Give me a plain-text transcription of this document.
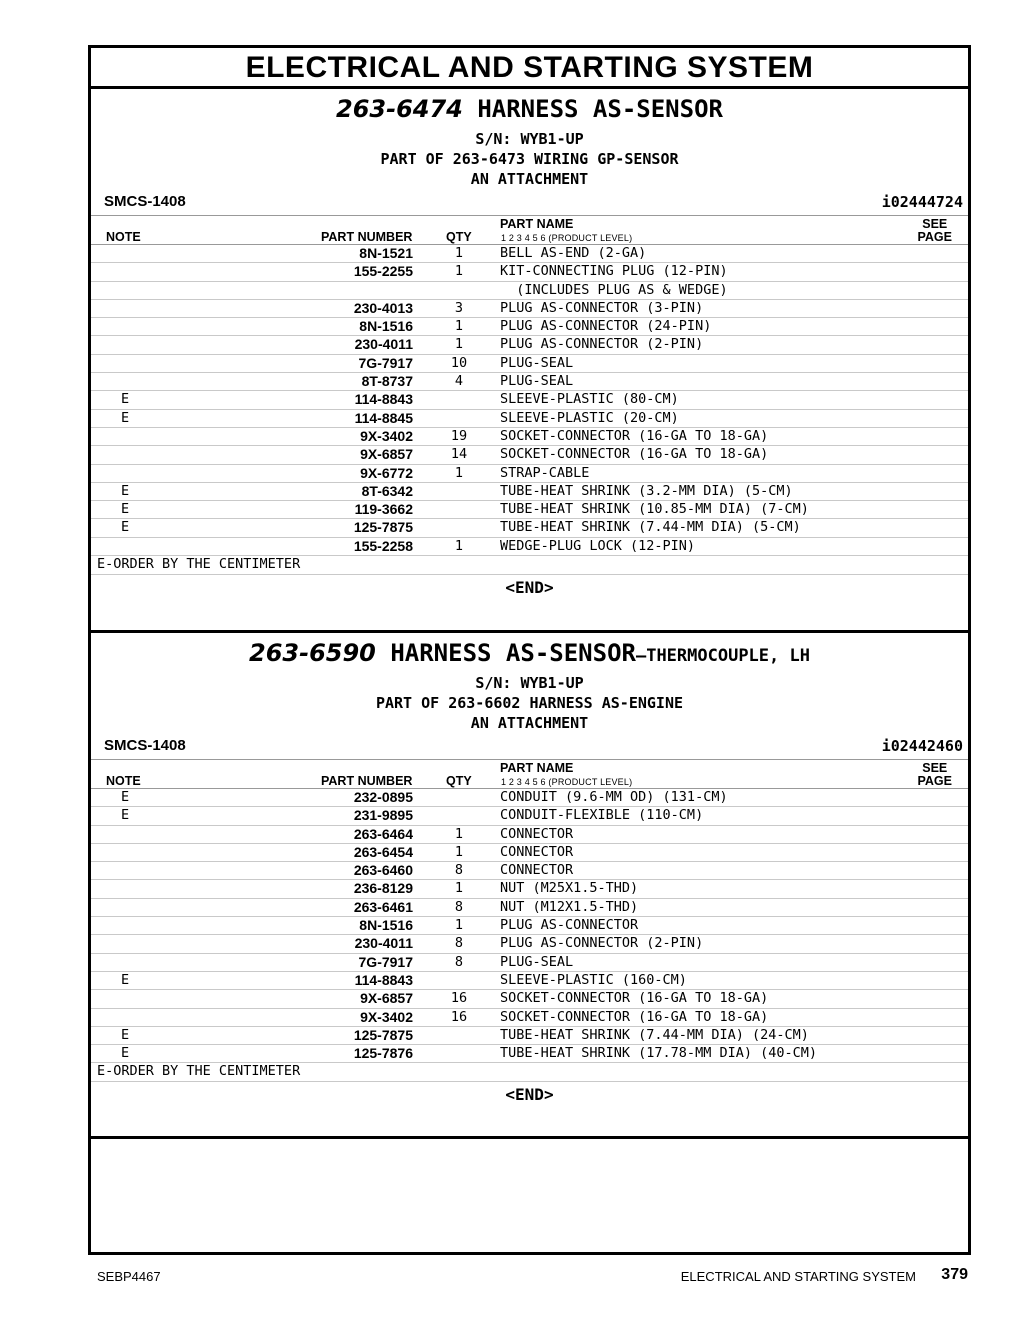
ELECTRICAL AND STARTING SYSTEM
263-6474 HARNESS AS-SENSOR
S/N: WYB1-UP
PART OF 263-6473 WIRING GP-SENSOR
AN ATTACHMENT
SMCS-1408	i02444724
NOTE	PART NUMBER	QTY
PART NAME
1 2 3 4 5 6 (PRODUCT LEVEL)
SEE
PAGE
8N-1521	1	BELL AS-END (2-GA)
155-2255	1	KIT-CONNECTING PLUG (12-PIN)
(INCLUDES PLUG AS & WEDGE)
230-4013	3	PLUG AS-CONNECTOR (3-PIN)
8N-1516	1	PLUG AS-CONNECTOR (24-PIN)
230-4011	1	PLUG AS-CONNECTOR (2-PIN)
7G-7917	10	PLUG-SEAL
8T-8737	4	PLUG-SEAL
E	114-8843	SLEEVE-PLASTIC (80-CM)
E	114-8845	SLEEVE-PLASTIC (20-CM)
9X-3402	19	SOCKET-CONNECTOR (16-GA TO 18-GA)
9X-6857	14	SOCKET-CONNECTOR (16-GA TO 18-GA)
9X-6772	1	STRAP-CABLE
E	8T-6342	TUBE-HEAT SHRINK (3.2-MM DIA) (5-CM)
E	119-3662	TUBE-HEAT SHRINK (10.85-MM DIA) (7-CM)
E	125-7875	TUBE-HEAT SHRINK (7.44-MM DIA) (5-CM)
155-2258	1	WEDGE-PLUG LOCK (12-PIN)
E-ORDER BY THE CENTIMETER
<END>
263-6590 HARNESS AS-SENSOR—THERMOCOUPLE, LH
S/N: WYB1-UP
PART OF 263-6602 HARNESS AS-ENGINE
AN ATTACHMENT
SMCS-1408	i02442460
NOTE	PART NUMBER	QTY
PART NAME
1 2 3 4 5 6 (PRODUCT LEVEL)
SEE
PAGE
E	232-0895	CONDUIT (9.6-MM OD) (131-CM)
E	231-9895	CONDUIT-FLEXIBLE (110-CM)
263-6464	1	CONNECTOR
263-6454	1	CONNECTOR
263-6460	8	CONNECTOR
236-8129	1	NUT (M25X1.5-THD)
263-6461	8	NUT (M12X1.5-THD)
8N-1516	1	PLUG AS-CONNECTOR
230-4011	8	PLUG AS-CONNECTOR (2-PIN)
7G-7917	8	PLUG-SEAL
E	114-8843	SLEEVE-PLASTIC (160-CM)
9X-6857	16	SOCKET-CONNECTOR (16-GA TO 18-GA)
9X-3402	16	SOCKET-CONNECTOR (16-GA TO 18-GA)
E	125-7875	TUBE-HEAT SHRINK (7.44-MM DIA) (24-CM)
E	125-7876	TUBE-HEAT SHRINK (17.78-MM DIA) (40-CM)
E-ORDER BY THE CENTIMETER
<END>
SEBP4467	ELECTRICAL AND STARTING SYSTEM 379
